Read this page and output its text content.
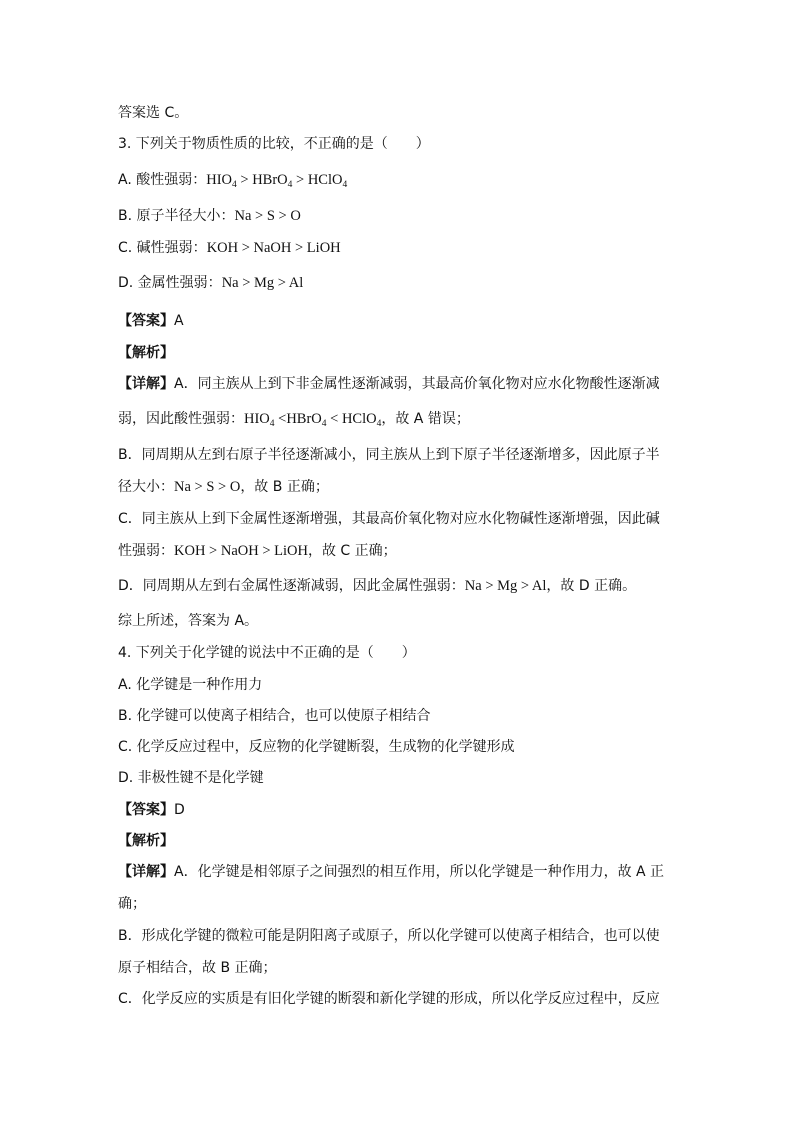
答案选 C。
3. 下列关于物质性质的比较，不正确的是（　　）
A. 酸性强弱：$HIO_4$ > HBrO$_4$ > HClO$_4$
B. 原子半径大小：Na > S > O
C. 碱性强弱：KOH > NaOH > LiOH
D. 金属性强弱：Na > Mg > Al
【答案】A
【解析】
【详解】A．同主族从上到下非金属性逐渐减弱，其最高价氧化物对应水化物酸性逐渐减
弱，因此酸性强弱：$HIO_4$ <HBrO$_4$ < HClO$_4$，故 A 错误；
B．同周期从左到右原子半径逐渐减小，同主族从上到下原子半径逐渐增多，因此原子半
径大小：Na > S > O，故 B 正确；
C．同主族从上到下金属性逐渐增强，其最高价氧化物对应水化物碱性逐渐增强，因此碱
性强弱：KOH > NaOH > LiOH，故 C 正确；
D．同周期从左到右金属性逐渐减弱，因此金属性强弱：Na > Mg > Al，故 D 正确。
综上所述，答案为 A。
4. 下列关于化学键的说法中不正确的是（　　）
A. 化学键是一种作用力
B. 化学键可以使离子相结合，也可以使原子相结合
C. 化学反应过程中，反应物的化学键断裂，生成物的化学键形成
D. 非极性键不是化学键
【答案】D
【解析】
【详解】A．化学键是相邻原子之间强烈的相互作用，所以化学键是一种作用力，故 A 正
确；
B．形成化学键的微粒可能是阴阳离子或原子，所以化学键可以使离子相结合，也可以使
原子相结合，故 B 正确；
C．化学反应的实质是有旧化学键的断裂和新化学键的形成，所以化学反应过程中，反应
